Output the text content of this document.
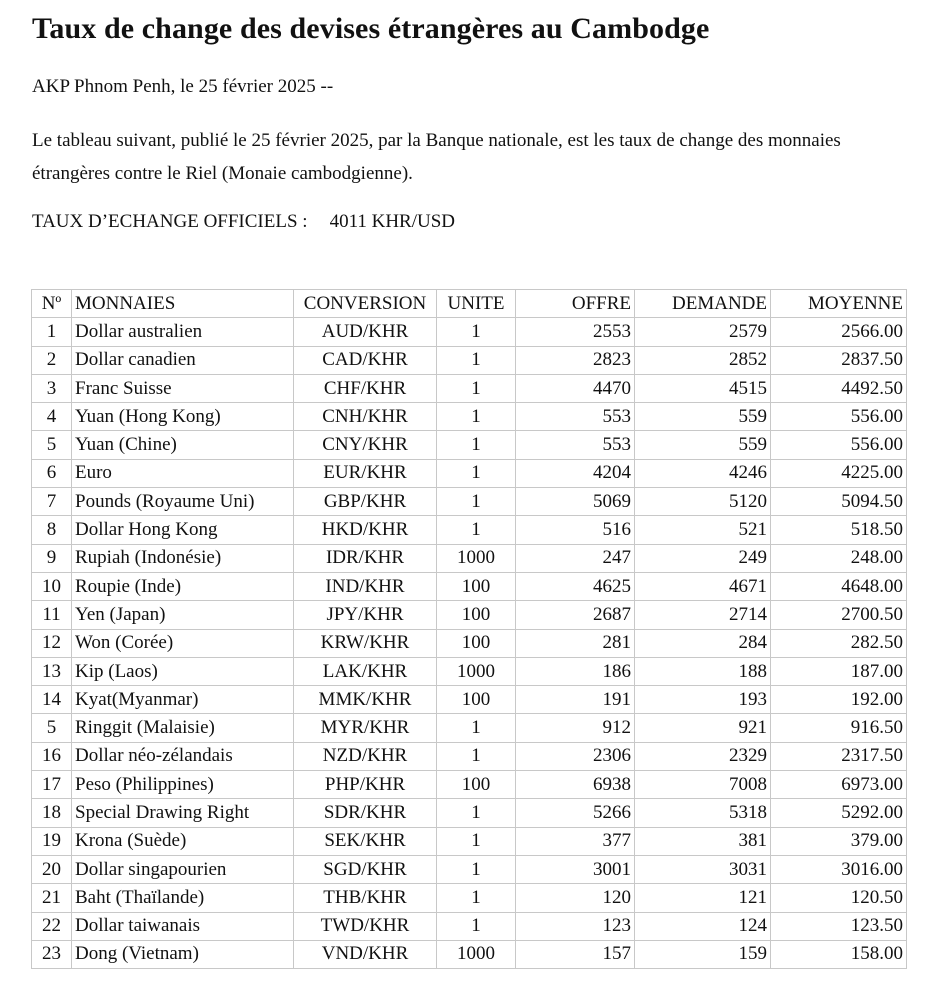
Taux de change des devises étrangères au Cambodge
AKP Phnom Penh, le 25 février 2025 --
Le tableau suivant, publié le 25 février 2025, par la Banque nationale, est les taux de change des monnaies étrangères contre le Riel (Monaie cambodgienne).
TAUX D’ECHANGE OFFICIELS : 4011 KHR/USD
Nº	MONNAIES	CONVERSION	UNITE	OFFRE	DEMANDE	MOYENNE
1	Dollar australien	AUD/KHR	1	2553	2579	2566.00
2	Dollar canadien	CAD/KHR	1	2823	2852	2837.50
3	Franc Suisse	CHF/KHR	1	4470	4515	4492.50
4	Yuan (Hong Kong)	CNH/KHR	1	553	559	556.00
5	Yuan (Chine)	CNY/KHR	1	553	559	556.00
6	Euro	EUR/KHR	1	4204	4246	4225.00
7	Pounds (Royaume Uni)	GBP/KHR	1	5069	5120	5094.50
8	Dollar Hong Kong	HKD/KHR	1	516	521	518.50
9	Rupiah (Indonésie)	IDR/KHR	1000	247	249	248.00
10	Roupie (Inde)	IND/KHR	100	4625	4671	4648.00
11	Yen (Japan)	JPY/KHR	100	2687	2714	2700.50
12	Won (Corée)	KRW/KHR	100	281	284	282.50
13	Kip (Laos)	LAK/KHR	1000	186	188	187.00
14	Kyat(Myanmar)	MMK/KHR	100	191	193	192.00
5	Ringgit (Malaisie)	MYR/KHR	1	912	921	916.50
16	Dollar néo-zélandais	NZD/KHR	1	2306	2329	2317.50
17	Peso (Philippines)	PHP/KHR	100	6938	7008	6973.00
18	Special Drawing Right	SDR/KHR	1	5266	5318	5292.00
19	Krona (Suède)	SEK/KHR	1	377	381	379.00
20	Dollar singapourien	SGD/KHR	1	3001	3031	3016.00
21	Baht (Thaïlande)	THB/KHR	1	120	121	120.50
22	Dollar taiwanais	TWD/KHR	1	123	124	123.50
23	Dong (Vietnam)	VND/KHR	1000	157	159	158.00
